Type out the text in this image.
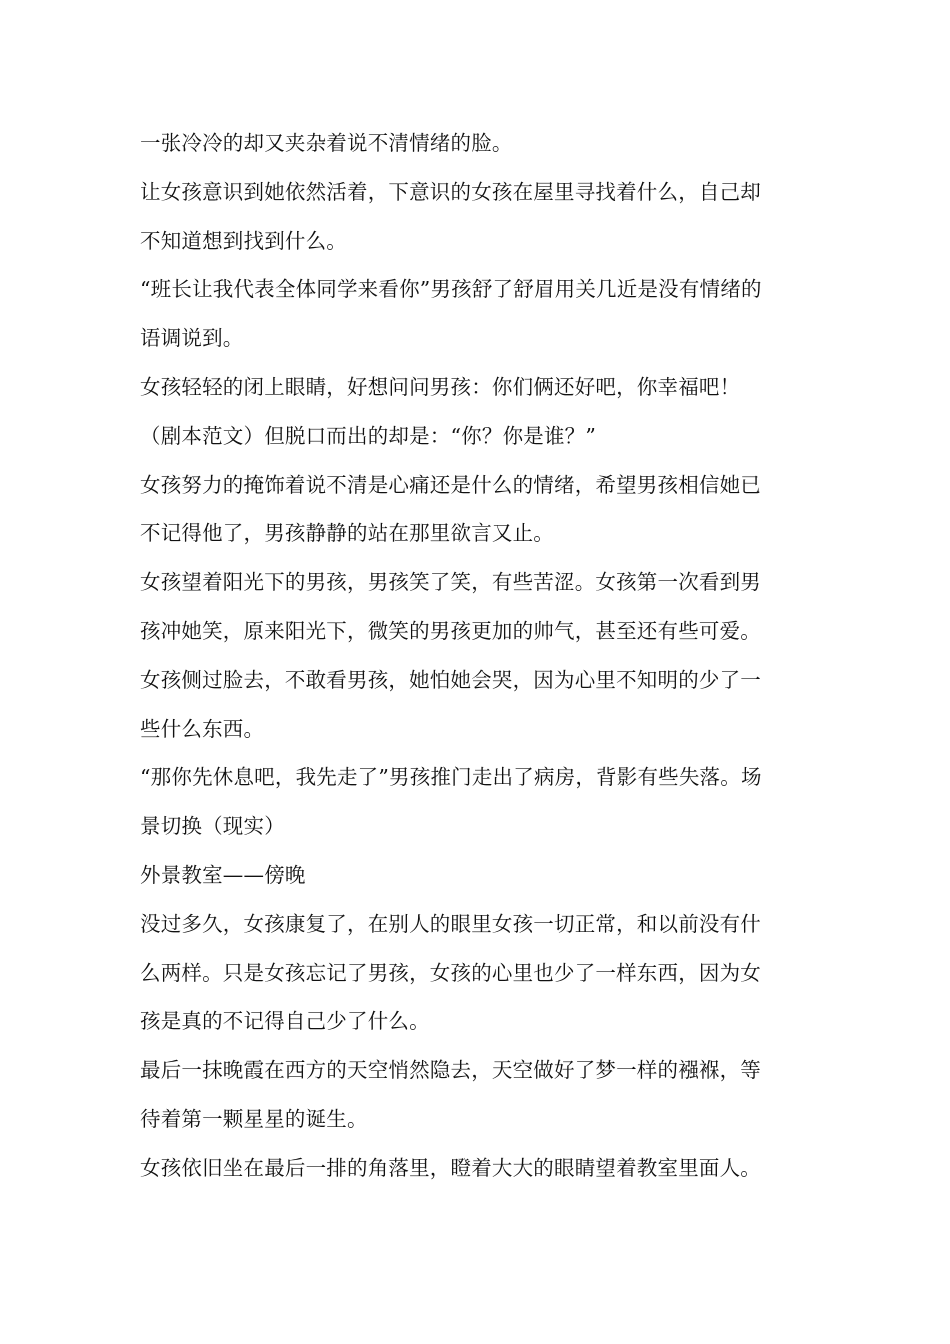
一张冷冷的却又夹杂着说不清情绪的脸。

让女孩意识到她依然活着，下意识的女孩在屋里寻找着什么，自己却
不知道想到找到什么。

“班长让我代表全体同学来看你”男孩舒了舒眉用关几近是没有情绪的
语调说到。

女孩轻轻的闭上眼睛，好想问问男孩：你们俩还好吧，你幸福吧！

（剧本范文）但脱口而出的却是：“你？你是谁？”

女孩努力的掩饰着说不清是心痛还是什么的情绪，希望男孩相信她已
不记得他了，男孩静静的站在那里欲言又止。

女孩望着阳光下的男孩，男孩笑了笑，有些苦涩。女孩第一次看到男
孩冲她笑，原来阳光下，微笑的男孩更加的帅气，甚至还有些可爱。

女孩侧过脸去，不敢看男孩，她怕她会哭，因为心里不知明的少了一
些什么东西。

“那你先休息吧，我先走了”男孩推门走出了病房，背影有些失落。场
景切换（现实）

外景教室——傍晚

没过多久，女孩康复了，在别人的眼里女孩一切正常，和以前没有什
么两样。只是女孩忘记了男孩，女孩的心里也少了一样东西，因为女
孩是真的不记得自己少了什么。

最后一抹晚霞在西方的天空悄然隐去，天空做好了梦一样的襁褓，等
待着第一颗星星的诞生。

女孩依旧坐在最后一排的角落里，瞪着大大的眼睛望着教室里面人。
